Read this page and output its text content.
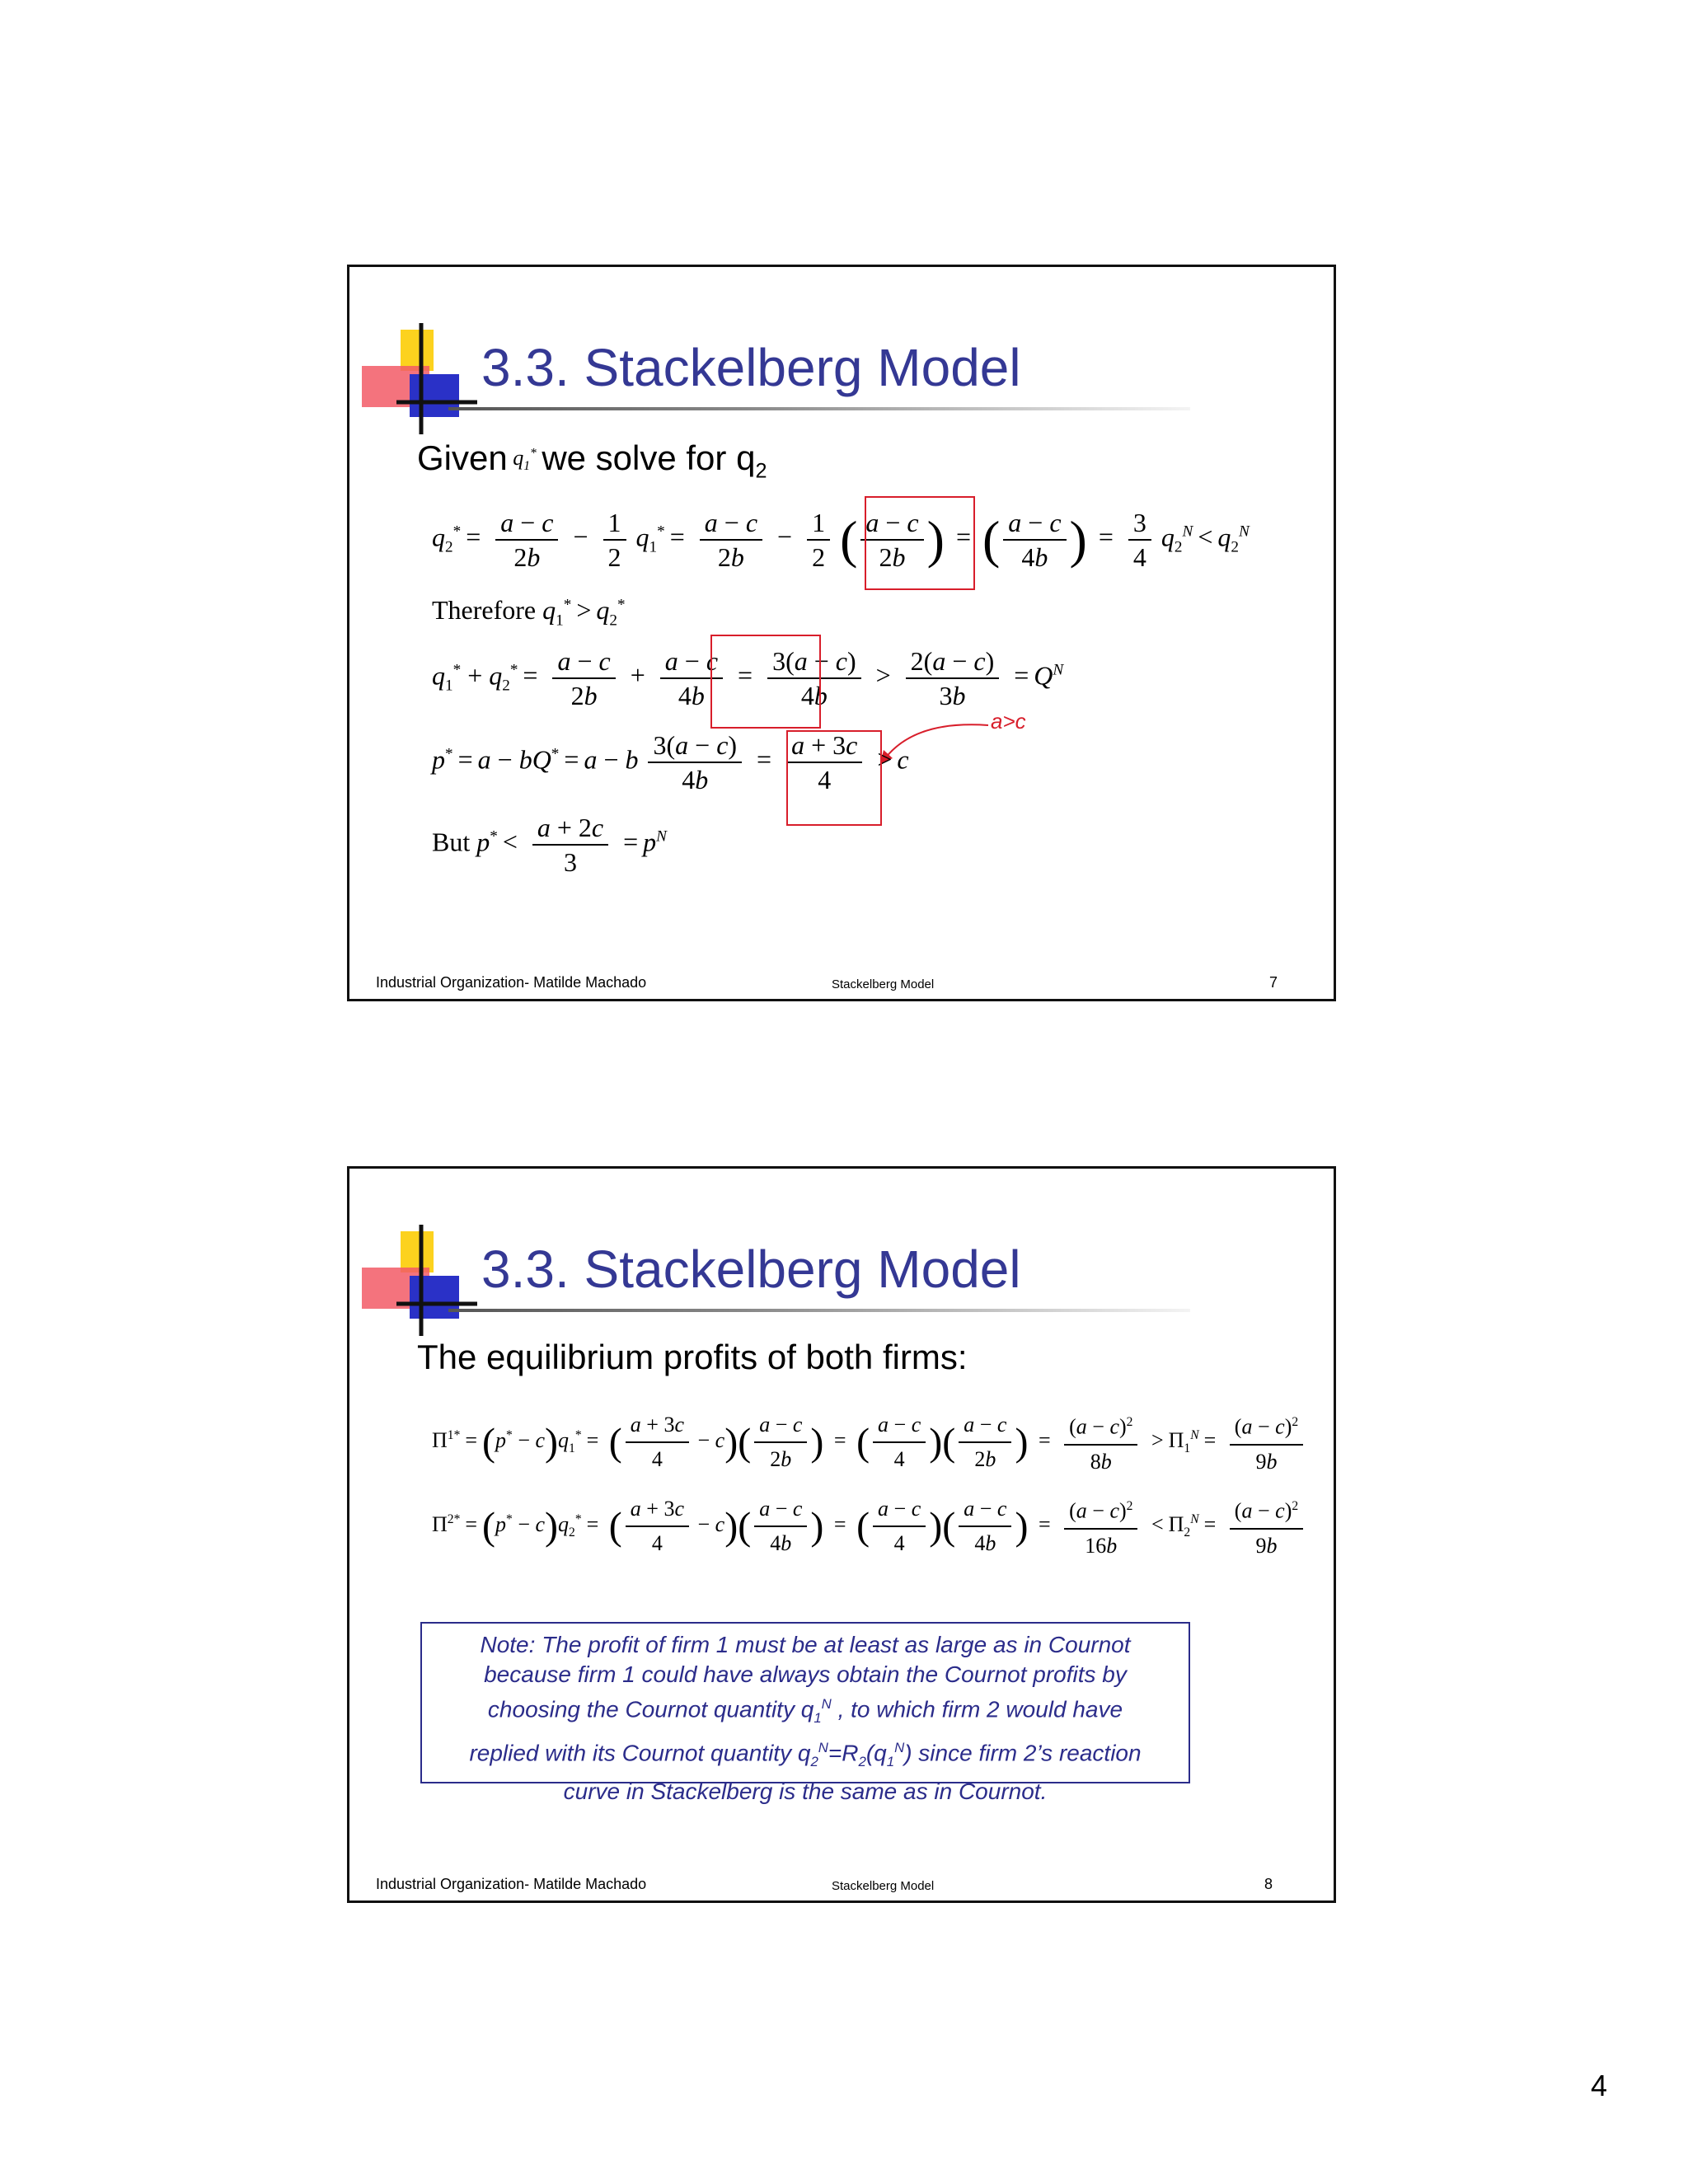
3.3. Stackelberg Model
Given $q_1^*$ we solve for $q_2$
$q_2^* = \frac{a - c}{2b} - \frac{1}{2} q_1^* = \frac{a - c}{2b} - \frac{1}{2}$ ( $\frac{a - c}{2b}$ ) = ( $\frac{a - c}{4b}$ ) = $\frac{3}{4} q_2^N < q_2^N$
Therefore $q_1^* > q_2^*$
$q_1^* + q_2^* = \frac{a - c}{2b} + \frac{a - c}{4b} = \frac{3(a - c)}{4b} > \frac{2(a - c)}{3b} = Q^N$
a>c
p* = a − bQ* = a − b $\frac{3(a - c)}{4b} = \frac{a + 3c}{4} > c$
But $p^* < \frac{a + 2c}{3} = p^N$
Industrial Organization- Matilde Machado	Stackelberg Model	7
3.3. Stackelberg Model
The equilibrium profits of both firms:
$\Pi^{1*} = (p^* - c)q_1^*$ = ( $\frac{a + 3c}{4} - c)( \frac{a - c}{2b}$ ) = ( $\frac{a - c}{4}$ )( $\frac{a - c}{2b}$ ) = $\frac{(a - c)^2}{8b} > \Pi_1^N = \frac{(a - c)^2}{9b}$
$\Pi^{2*} = (p^* - c)q_2^*$ = ( $\frac{a + 3c}{4} - c)( \frac{a - c}{4b}$ ) = ( $\frac{a - c}{4}$ )( $\frac{a - c}{4b}$ ) = $\frac{(a - c)^2}{16b} < \Pi_2^N = \frac{(a - c)^2}{9b}$
Note: The profit of firm 1 must be at least as large as in Cournot
because firm 1 could have always obtain the Cournot profits by
choosing the Cournot quantity $q_1^N$ , to which firm 2 would have
replied with its Cournot quantity $q_2^N=R_2(q_1^N)$ since firm 2’s reaction
curve in Stackelberg is the same as in Cournot.
Industrial Organization- Matilde Machado	Stackelberg Model	8
4
